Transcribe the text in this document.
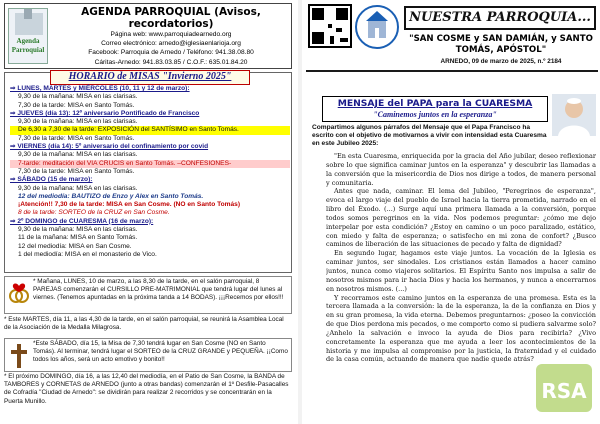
Agenda Parroquial
AGENDA PARROQUIAL (Avisos, recordatorios)
Página web: www.parroquiadearnedo.org
Correo electrónico: arnedo@iglesiaenlarioja.org
Facebook: Parroquia de Arnedo / Teléfono: 941.38.08.80
Cáritas-Arnedo: 941.83.03.85 / C.O.F.: 635.01.84.20
HORARIO de MISAS "Invierno 2025"
⇒ LUNES, MARTES y MIÉRCOLES (10, 11 y 12 de marzo):
9,30 de la mañana: MISA en las clarisas.
7,30 de la tarde: MISA en Santo Tomás.
⇒ JUEVES (día 13): 12º aniversario Pontificado de Francisco
9,30 de la mañana: MISA en las clarisas.
De 6,30 a 7,30 de la tarde: EXPOSICIÓN del SANTÍSIMO en Santo Tomás.
7,30 de la tarde: MISA en Santo Tomás.
⇒ VIERNES (día 14): 5º aniversario del confinamiento por covid
9,30 de la mañana: MISA en las clarisas.
7-tarde: meditación del VIA CRUCIS en Santo Tomás. –CONFESIONES-
7,30 de la tarde: MISA en Santo Tomás.
⇒ SÁBADO (15 de marzo):
9,30 de la mañana: MISA en las clarisas.
12 del mediodía: BAUTIZO de Enzo y Alex en Santo Tomás.
¡Atención!! 7,30 de la tarde: MISA en San Cosme. (NO en Santo Tomás)
8 de la tarde: SORTEO de la CRUZ en San Cosme.
⇒ 2º DOMINGO de CUARESMA (16 de marzo):
9,30 de la mañana: MISA en las clarisas.
11 de la mañana: MISA en Santo Tomás.
12 del mediodía: MISA en San Cosme.
1 del mediodía: MISA en el monasterio de Vico.
* Mañana, LUNES, 10 de marzo, a las 8,30 de la tarde, en el salón parroquial, 8 PAREJAS comenzarán el CURSILLO PRE-MATRIMONIAL que tendrá lugar del lunes al viernes. (Tenemos apuntadas en la próxima tanda a 14 BODAS). ¡¡¡Recemos por ellos!!!
* Este MARTES, día 11, a las 4,30 de la tarde, en el salón parroquial, se reunirá la Asamblea Local de la Asociación de la Medalla Milagrosa.
*Este SÁBADO, día 15, la Misa de 7,30 tendrá lugar en San Cosme (NO en Santo Tomás). Al terminar, tendrá lugar el SORTEO de la CRUZ GRANDE y PEQUEÑA. ¡¡Como todos los años, será un acto emotivo y bonito!!
* El próximo DOMINGO, día 16, a las 12,40 del mediodía, en el Patio de San Cosme, la BANDA de TAMBORES y CORNETAS de ARNEDO (junto a otras bandas) comenzarán el 1º Desfile-Pasacalles de Cofradía "Ciudad de Arnedo": se dividirán para realizar 2 recorridos y se concentrarán en la Puerta Munillo.
NUESTRA PARROQUIA...
"SAN COSME y SAN DAMIÁN, y SANTO TOMÁS, APÓSTOL"
ARNEDO, 09 de marzo de 2025, n.º 2184
MENSAJE del PAPA para la CUARESMA
"Caminemos juntos en la esperanza"
Compartimos algunos párrafos del Mensaje que el Papa Francisco ha escrito con el objetivo de motivarnos a vivir con intensidad esta Cuaresma en este Jubileo 2025:

"En esta Cuaresma, enriquecida por la gracia del Año jubilar, deseo reflexionar sobre lo que significa caminar juntos en la esperanza" y descubrir las llamadas a la conversión que la misericordia de Dios nos dirige a todos, de manera personal y comunitaria.

Antes que nada, caminar. El lema del Jubileo, "Peregrinos de esperanza", evoca el largo viaje del pueblo de Israel hacia la tierra prometida, narrado en el libro del Éxodo. (...) Surge aquí una primera llamada a la conversión, porque todos somos peregrinos en la vida. Nos podemos preguntar: ¿cómo me dejo interpelar por esta condición? ¿Estoy en camino o un poco paralizado, estático, con miedo y falta de esperanza; o satisfecho en mi zona de confort? ¿Busco caminos de liberación de las situaciones de pecado y falta de dignidad?

En segundo lugar, hagamos este viaje juntos. La vocación de la Iglesia es caminar juntos, ser sinodales. Los cristianos están llamados a hacer camino juntos, nunca como viajeros solitarios. El Espíritu Santo nos impulsa a salir de nosotros mismos para ir hacia Dios y hacia los hermanos, y nunca a encerrarnos en nosotros mismos. (...)

Y recorramos este camino juntos en la esperanza de una promesa. Esta es la tercera llamada a la conversión: la de la esperanza, la de la confianza en Dios y en su gran promesa, la vida eterna. Debemos preguntarnos: ¿poseo la convicción de que Dios perdona mis pecados, o me comporto como si pudiera salvarme solo? ¿Anhelo la salvación e invoco la ayuda de Dios para recibirla? ¿Vivo concretamente la esperanza que me ayuda a leer los acontecimientos de la historia y me impulsa al compromiso por la justicia, la fraternidad y el cuidado de la casa común, actuando de manera que nadie quede atrás?

RSA
